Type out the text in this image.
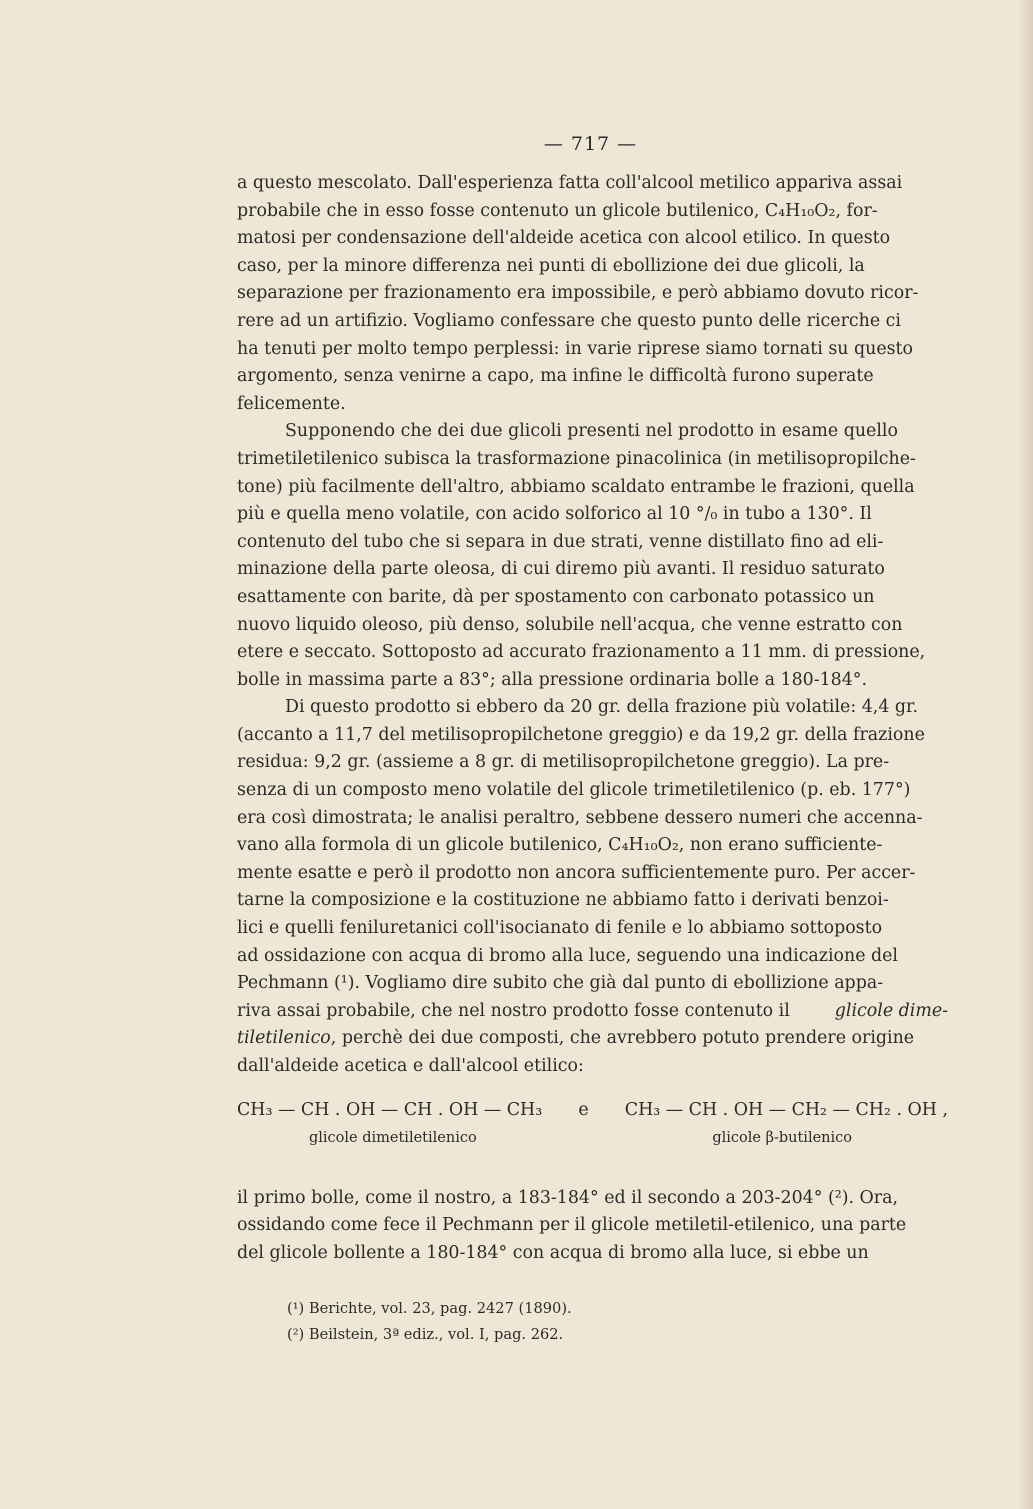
— 717 —
a questo mescolato. Dall'esperienza fatta coll'alcool metilico appariva assai
probabile che in esso fosse contenuto un glicole butilenico, C₄H₁₀O₂, for-
matosi per condensazione dell'aldeide acetica con alcool etilico. In questo
caso, per la minore differenza nei punti di ebollizione dei due glicoli, la
separazione per frazionamento era impossibile, e però abbiamo dovuto ricor-
rere ad un artifizio. Vogliamo confessare che questo punto delle ricerche ci
ha tenuti per molto tempo perplessi: in varie riprese siamo tornati su questo
argomento, senza venirne a capo, ma infine le difficoltà furono superate
felicemente.
Supponendo che dei due glicoli presenti nel prodotto in esame quello
trimetiletilenico subisca la trasformazione pinacolinica (in metilisopropilche-
tone) più facilmente dell'altro, abbiamo scaldato entrambe le frazioni, quella
più e quella meno volatile, con acido solforico al 10 °/₀ in tubo a 130°. Il
contenuto del tubo che si separa in due strati, venne distillato fino ad eli-
minazione della parte oleosa, di cui diremo più avanti. Il residuo saturato
esattamente con barite, dà per spostamento con carbonato potassico un
nuovo liquido oleoso, più denso, solubile nell'acqua, che venne estratto con
etere e seccato. Sottoposto ad accurato frazionamento a 11 mm. di pressione,
bolle in massima parte a 83°; alla pressione ordinaria bolle a 180-184°.
Di questo prodotto si ebbero da 20 gr. della frazione più volatile: 4,4 gr.
(accanto a 11,7 del metilisopropilchetone greggio) e da 19,2 gr. della frazione
residua: 9,2 gr. (assieme a 8 gr. di metilisopropilchetone greggio). La pre-
senza di un composto meno volatile del glicole trimetiletilenico (p. eb. 177°)
era così dimostrata; le analisi peraltro, sebbene dessero numeri che accenna-
vano alla formola di un glicole butilenico, C₄H₁₀O₂, non erano sufficiente-
mente esatte e però il prodotto non ancora sufficientemente puro. Per accer-
tarne la composizione e la costituzione ne abbiamo fatto i derivati benzoi-
lici e quelli feniluretanici coll'isocianato di fenile e lo abbiamo sottoposto
ad ossidazione con acqua di bromo alla luce, seguendo una indicazione del
Pechmann (¹). Vogliamo dire subito che già dal punto di ebollizione appa-
riva assai probabile, che nel nostro prodotto fosse contenuto il	glicole dime-
tiletilenico, perchè dei due composti, che avrebbero potuto prendere origine
dall'aldeide acetica e dall'alcool etilico:
CH₃ — CH . OH — CH . OH — CH₃ e CH₃ — CH . OH — CH₂ — CH₂ . OH ,
glicole dimetiletilenico	glicole β-butilenico
il primo bolle, come il nostro, a 183-184° ed il secondo a 203-204° (²). Ora,
ossidando come fece il Pechmann per il glicole metiletil-etilenico, una parte
del glicole bollente a 180-184° con acqua di bromo alla luce, si ebbe un
(¹) Berichte, vol. 23, pag. 2427 (1890).
(²) Beilstein, 3ª ediz., vol. I, pag. 262.
